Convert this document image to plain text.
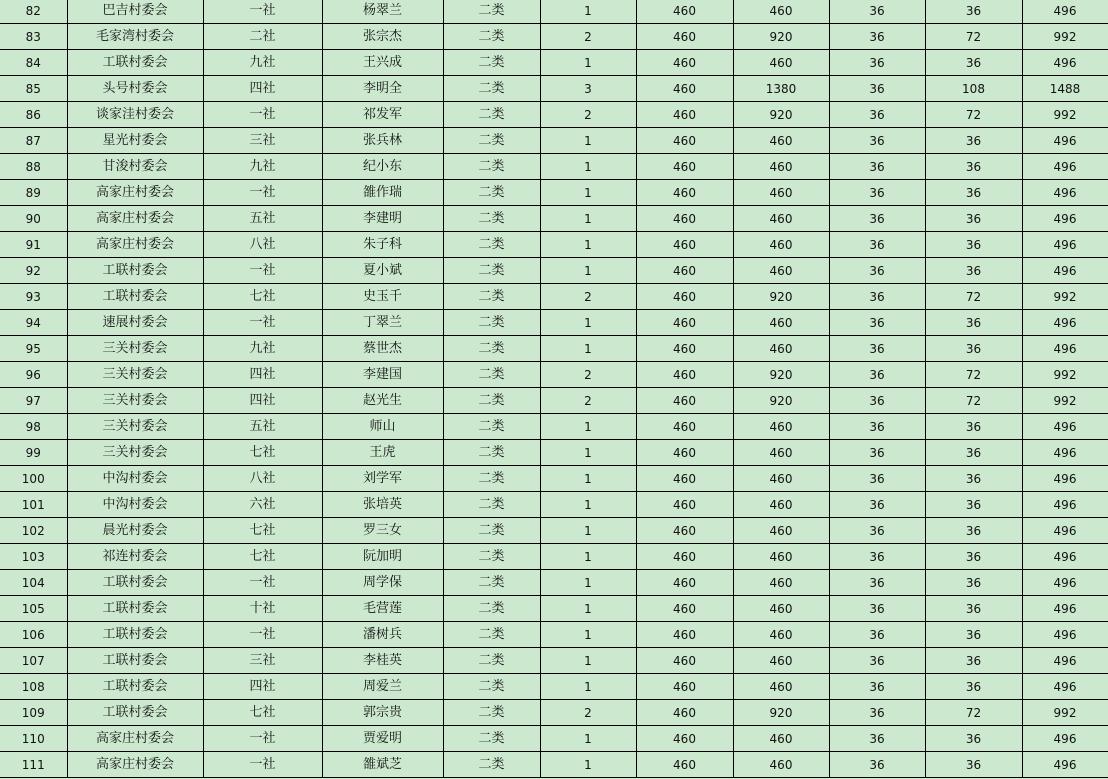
82	巴吉村委会	一社	杨翠兰	二类	1	460	460	36	36	496
83	毛家湾村委会	二社	张宗杰	二类	2	460	920	36	72	992
84	工联村委会	九社	王兴成	二类	1	460	460	36	36	496
85	头号村委会	四社	李明全	二类	3	460	1380	36	108	1488
86	谈家洼村委会	一社	祁发军	二类	2	460	920	36	72	992
87	星光村委会	三社	张兵林	二类	1	460	460	36	36	496
88	甘浚村委会	九社	纪小东	二类	1	460	460	36	36	496
89	高家庄村委会	一社	雒作瑞	二类	1	460	460	36	36	496
90	高家庄村委会	五社	李建明	二类	1	460	460	36	36	496
91	高家庄村委会	八社	朱子科	二类	1	460	460	36	36	496
92	工联村委会	一社	夏小斌	二类	1	460	460	36	36	496
93	工联村委会	七社	史玉千	二类	2	460	920	36	72	992
94	速展村委会	一社	丁翠兰	二类	1	460	460	36	36	496
95	三关村委会	九社	蔡世杰	二类	1	460	460	36	36	496
96	三关村委会	四社	李建国	二类	2	460	920	36	72	992
97	三关村委会	四社	赵光生	二类	2	460	920	36	72	992
98	三关村委会	五社	师山	二类	1	460	460	36	36	496
99	三关村委会	七社	王虎	二类	1	460	460	36	36	496
100	中沟村委会	八社	刘学军	二类	1	460	460	36	36	496
101	中沟村委会	六社	张培英	二类	1	460	460	36	36	496
102	晨光村委会	七社	罗三女	二类	1	460	460	36	36	496
103	祁连村委会	七社	阮加明	二类	1	460	460	36	36	496
104	工联村委会	一社	周学保	二类	1	460	460	36	36	496
105	工联村委会	十社	毛营莲	二类	1	460	460	36	36	496
106	工联村委会	一社	潘树兵	二类	1	460	460	36	36	496
107	工联村委会	三社	李桂英	二类	1	460	460	36	36	496
108	工联村委会	四社	周爱兰	二类	1	460	460	36	36	496
109	工联村委会	七社	郭宗贵	二类	2	460	920	36	72	992
110	高家庄村委会	一社	贾爱明	二类	1	460	460	36	36	496
111	高家庄村委会	一社	雒斌芝	二类	1	460	460	36	36	496
